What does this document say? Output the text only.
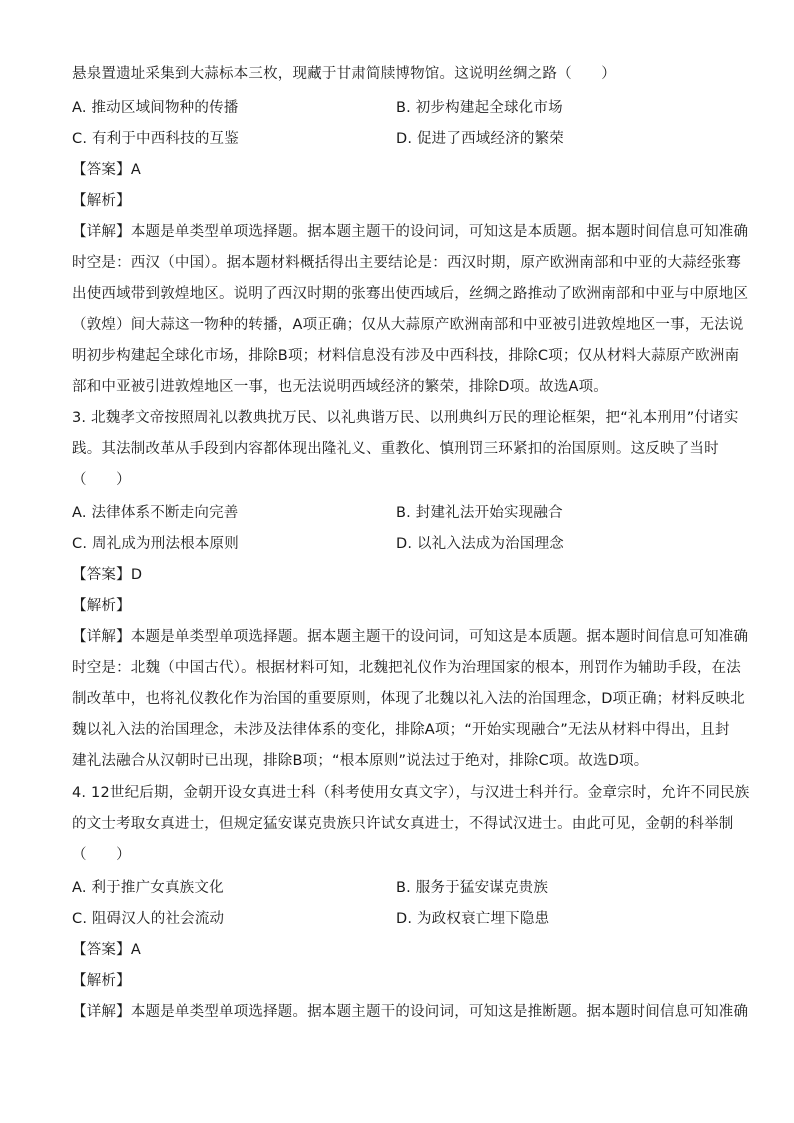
悬泉置遗址采集到大蒜标本三枚，现藏于甘肃简牍博物馆。这说明丝绸之路（　　）
A. 推动区域间物种的传播	B. 初步构建起全球化市场
C. 有利于中西科技的互鉴	D. 促进了西域经济的繁荣
【答案】A
【解析】
【详解】本题是单类型单项选择题。据本题主题干的设问词，可知这是本质题。据本题时间信息可知准确
时空是：西汉（中国）。据本题材料概括得出主要结论是：西汉时期，原产欧洲南部和中亚的大蒜经张骞
出使西域带到敦煌地区。说明了西汉时期的张骞出使西域后，丝绸之路推动了欧洲南部和中亚与中原地区
（敦煌）间大蒜这一物种的转播，A项正确；仅从大蒜原产欧洲南部和中亚被引进敦煌地区一事，无法说
明初步构建起全球化市场，排除B项；材料信息没有涉及中西科技，排除C项；仅从材料大蒜原产欧洲南
部和中亚被引进敦煌地区一事，也无法说明西域经济的繁荣，排除D项。故选A项。
3. 北魏孝文帝按照周礼以教典扰万民、以礼典谐万民、以刑典纠万民的理论框架，把“礼本刑用”付诸实
践。其法制改革从手段到内容都体现出隆礼义、重教化、慎刑罚三环紧扣的治国原则。这反映了当时
（　　）
A. 法律体系不断走向完善	B. 封建礼法开始实现融合
C. 周礼成为刑法根本原则	D. 以礼入法成为治国理念
【答案】D
【解析】
【详解】本题是单类型单项选择题。据本题主题干的设问词，可知这是本质题。据本题时间信息可知准确
时空是：北魏（中国古代）。根据材料可知，北魏把礼仪作为治理国家的根本，刑罚作为辅助手段，在法
制改革中，也将礼仪教化作为治国的重要原则，体现了北魏以礼入法的治国理念，D项正确；材料反映北
魏以礼入法的治国理念，未涉及法律体系的变化，排除A项；“开始实现融合”无法从材料中得出，且封
建礼法融合从汉朝时已出现，排除B项；“根本原则”说法过于绝对，排除C项。故选D项。
4. 12世纪后期，金朝开设女真进士科（科考使用女真文字），与汉进士科并行。金章宗时，允许不同民族
的文士考取女真进士，但规定猛安谋克贵族只许试女真进士，不得试汉进士。由此可见，金朝的科举制
（　　）
A. 利于推广女真族文化	B. 服务于猛安谋克贵族
C. 阻碍汉人的社会流动	D. 为政权衰亡埋下隐患
【答案】A
【解析】
【详解】本题是单类型单项选择题。据本题主题干的设问词，可知这是推断题。据本题时间信息可知准确
